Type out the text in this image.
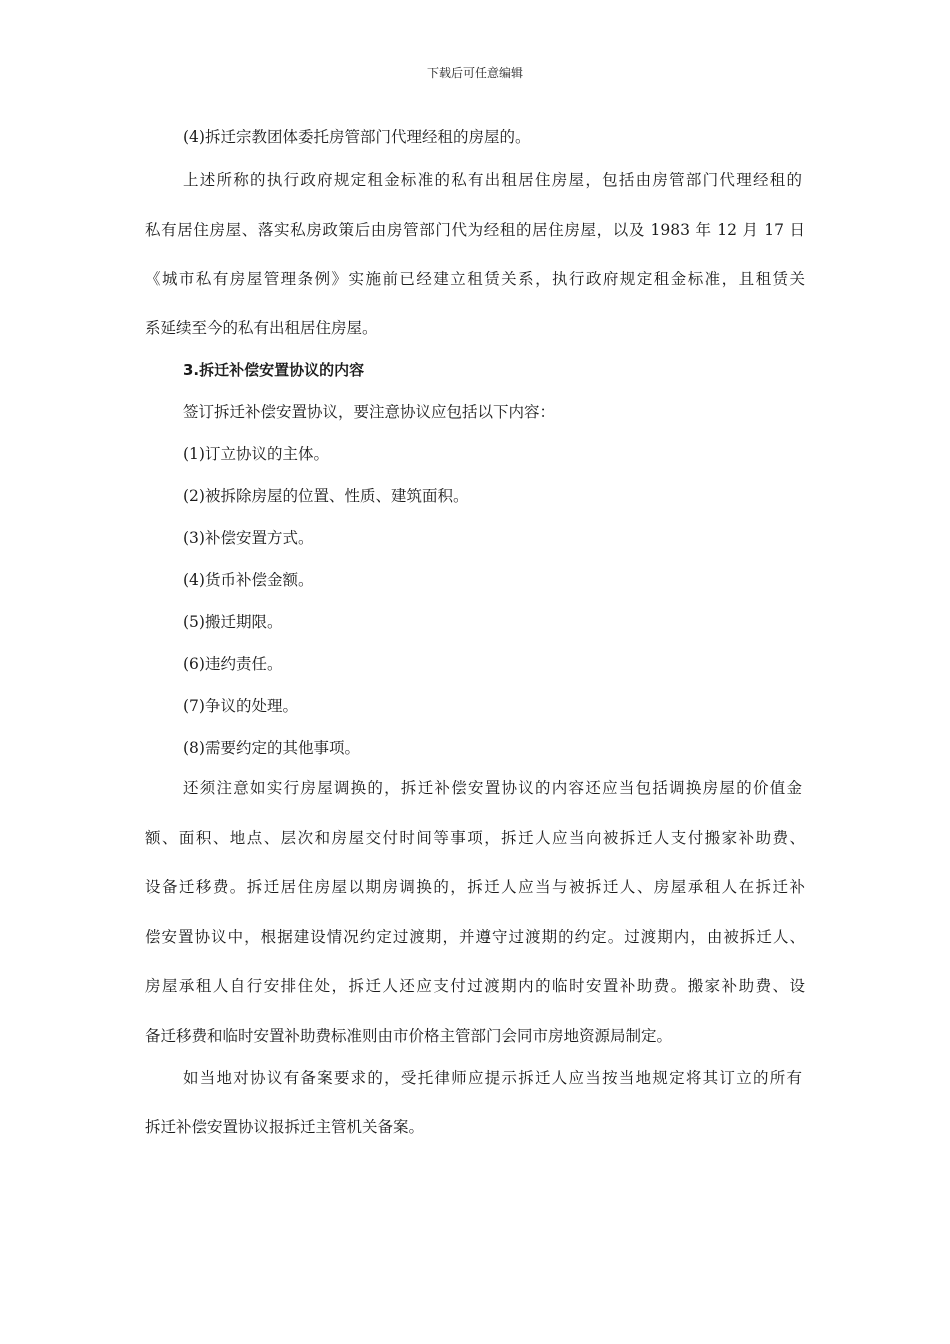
下载后可任意编辑
(4)拆迁宗教团体委托房管部门代理经租的房屋的。
上述所称的执行政府规定租金标准的私有出租居住房屋，包括由房管部门代理经租的
私有居住房屋、落实私房政策后由房管部门代为经租的居住房屋，以及 1983 年 12 月 17 日
《城市私有房屋管理条例》实施前已经建立租赁关系，执行政府规定租金标准，且租赁关
系延续至今的私有出租居住房屋。
3.拆迁补偿安置协议的内容
签订拆迁补偿安置协议，要注意协议应包括以下内容：
(1)订立协议的主体。
(2)被拆除房屋的位置、性质、建筑面积。
(3)补偿安置方式。
(4)货币补偿金额。
(5)搬迁期限。
(6)违约责任。
(7)争议的处理。
(8)需要约定的其他事项。
还须注意如实行房屋调换的，拆迁补偿安置协议的内容还应当包括调换房屋的价值金
额、面积、地点、层次和房屋交付时间等事项，拆迁人应当向被拆迁人支付搬家补助费、
设备迁移费。拆迁居住房屋以期房调换的，拆迁人应当与被拆迁人、房屋承租人在拆迁补
偿安置协议中，根据建设情况约定过渡期，并遵守过渡期的约定。过渡期内，由被拆迁人、
房屋承租人自行安排住处，拆迁人还应支付过渡期内的临时安置补助费。搬家补助费、设
备迁移费和临时安置补助费标准则由市价格主管部门会同市房地资源局制定。
如当地对协议有备案要求的，受托律师应提示拆迁人应当按当地规定将其订立的所有
拆迁补偿安置协议报拆迁主管机关备案。
